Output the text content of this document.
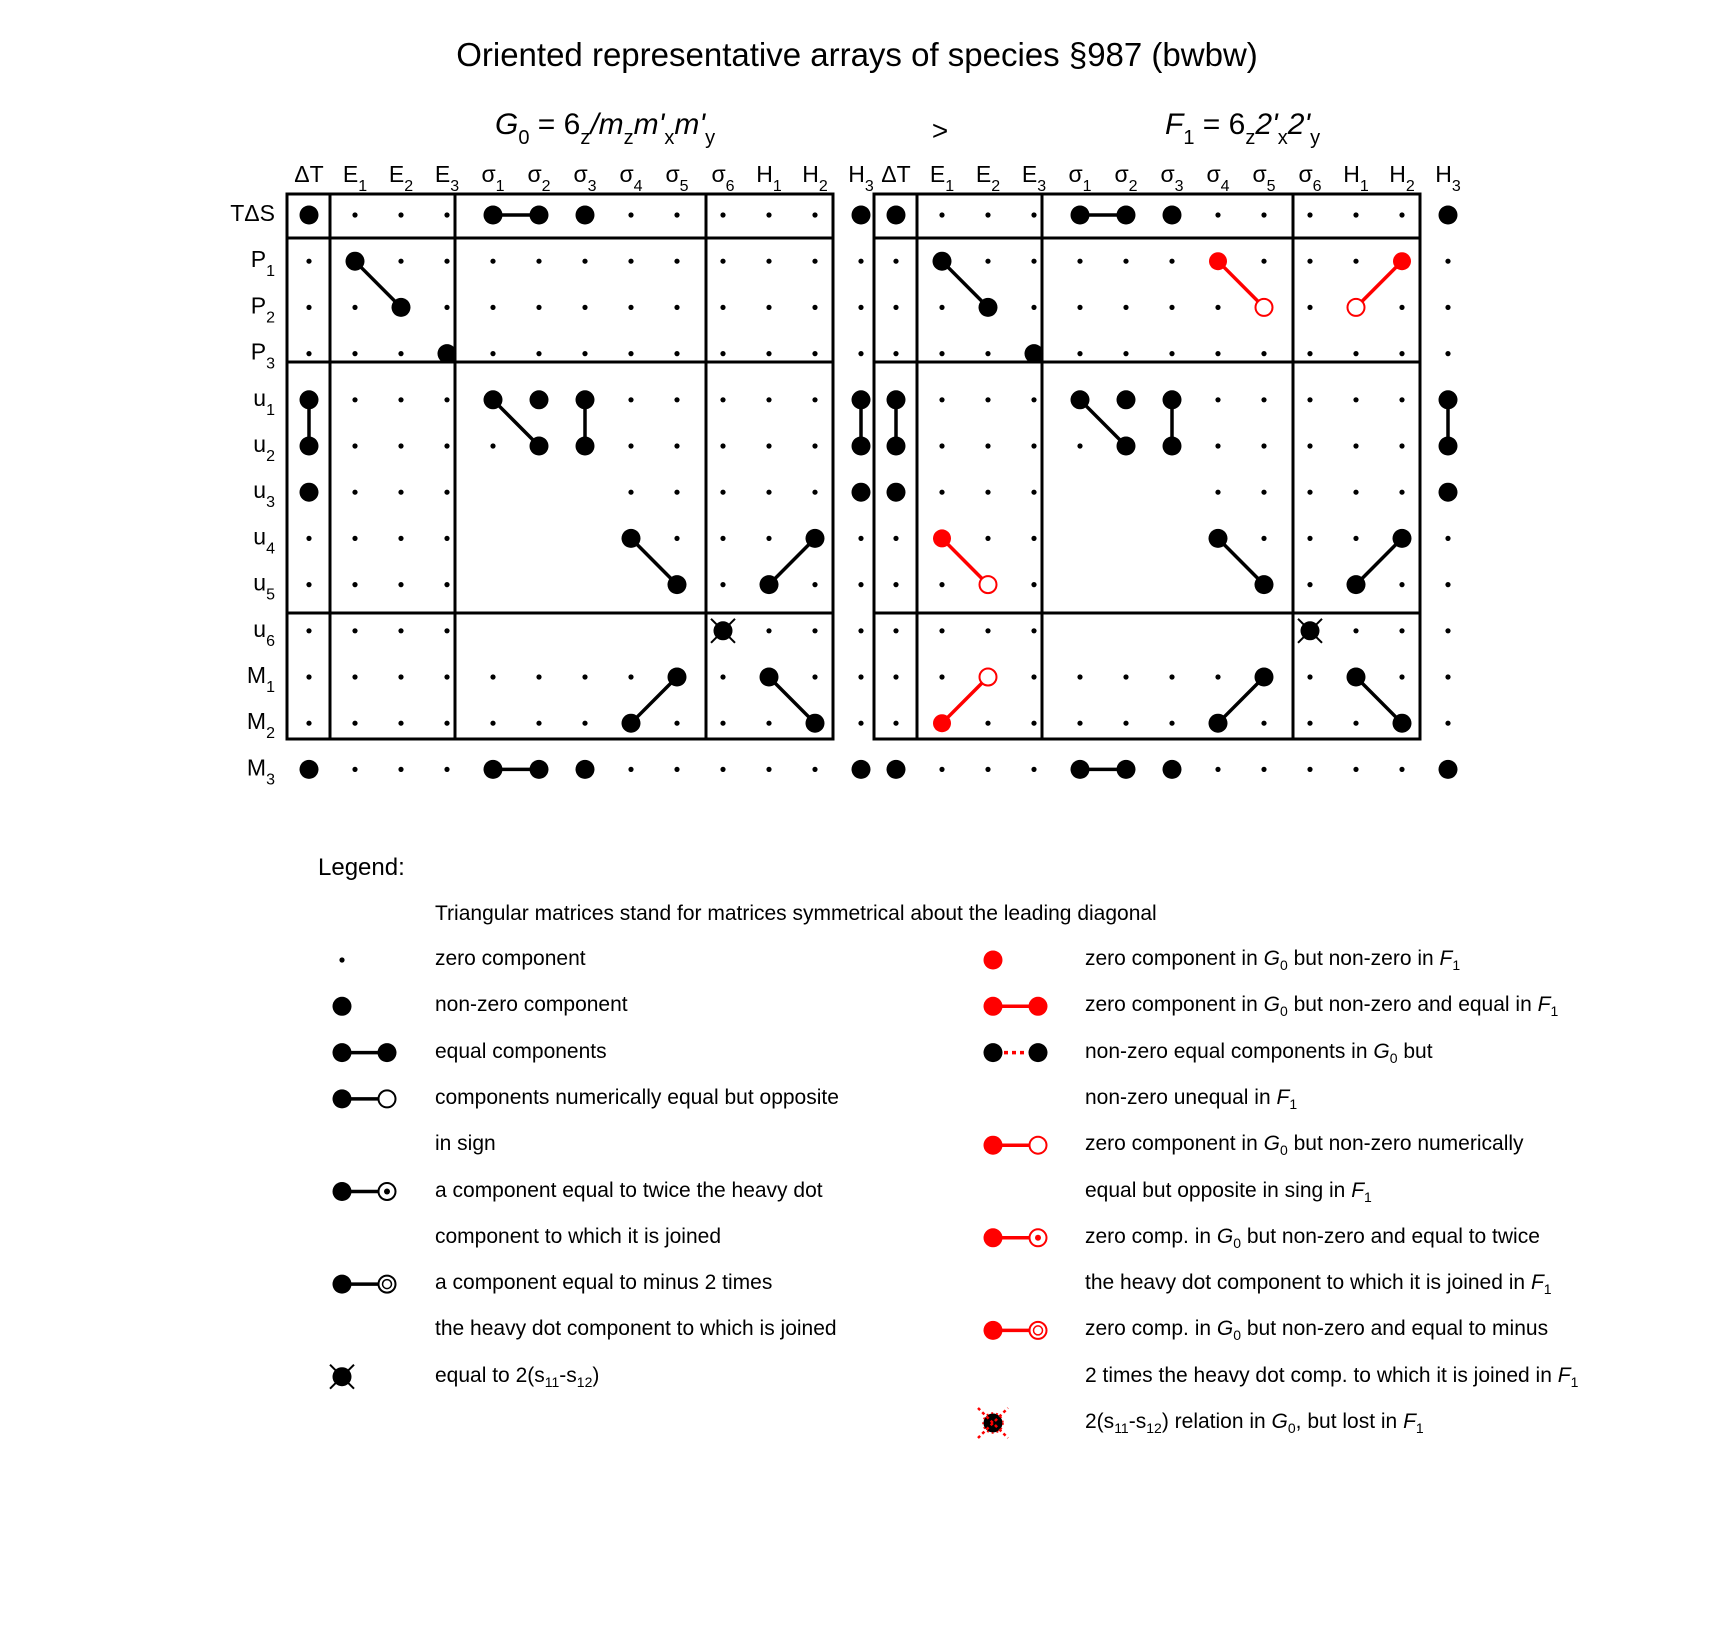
Oriented representative arrays of species §987 (bwbw)
$G_0 = 6_z/m_zm'_xm'_y$	$F_1 = 6_z2'_x2'_y$
>
TΔS
$P_1$
$P_2$
$P_3$
$u_1$
$u_2$
$u_3$
$u_4$
$u_5$
$u_6$
$M_1$
$M_2$
$M_3$
ΔT $E_1$ $E_2$ $E_3$ $\sigma_1$ $\sigma_2$ $\sigma_3$ $\sigma_4$ $\sigma_5$ $\sigma_6$ $H_1$ $H_2$ $H_3$ ΔT $E_1$ $E_2$ $E_3$ $\sigma_1$ $\sigma_2$ $\sigma_3$ $\sigma_4$ $\sigma_5$ $\sigma_6$ $H_1$ $H_2$ $H_3$
Legend:
Triangular matrices stand for matrices symmetrical about the leading diagonal
zero component
non-zero component
equal components
components numerically equal but opposite
in sign
a component equal to twice the heavy dot
component to which it is joined
a component equal to minus 2 times
the heavy dot component to which is joined
equal to $2(s_{11}-s_{12})$
zero component in $G_0$ but non-zero in $F_1$
zero component in $G_0$ but non-zero and equal in $F_1$
non-zero equal components in $G_0$ but
non-zero unequal in $F_1$
zero component in $G_0$ but non-zero numerically
equal but opposite in sing in $F_1$
zero comp. in $G_0$ but non-zero and equal to twice
the heavy dot component to which it is joined in $F_1$
zero comp. in $G_0$ but non-zero and equal to minus
2 times the heavy dot comp. to which it is joined in $F_1$
$2(s_{11}-s_{12})$ relation in $G_0$, but lost in $F_1$
